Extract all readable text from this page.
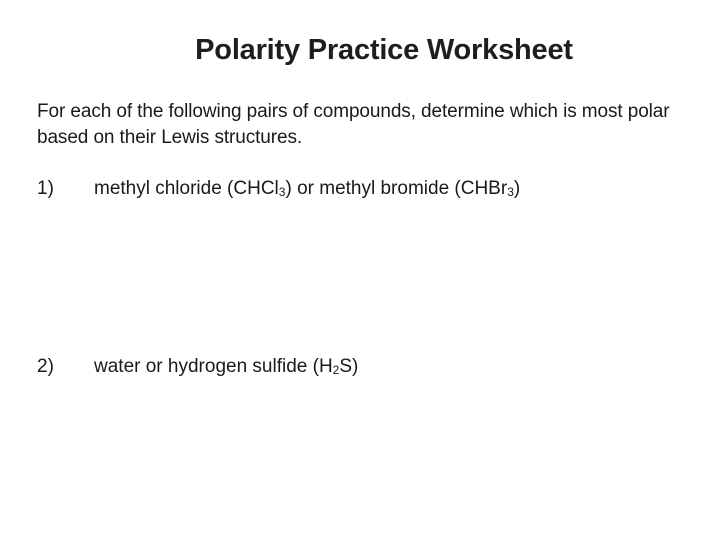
Polarity Practice Worksheet
For each of the following pairs of compounds, determine which is most polar based on their Lewis structures.
1) methyl chloride (CHCl$_3$) or methyl bromide (CHBr$_3$)
2) water or hydrogen sulfide $(H_2S)$
